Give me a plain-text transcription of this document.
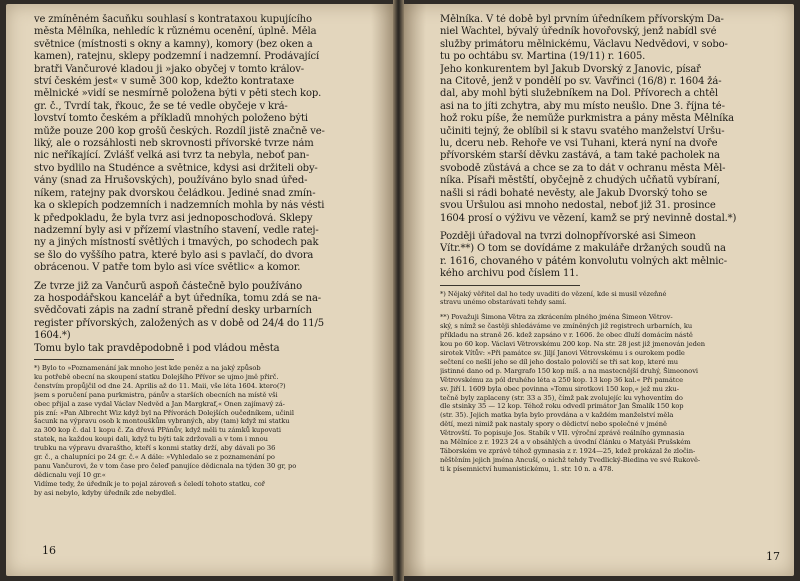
ve zmíněném šacuňku souhlasí s kontrataxou kupujícího
města Mělníka, nehledíc k různému ocenění, úplně. Měla
světnice (místnosti s okny a kamny), komory (bez oken a
kamen), ratejnu, sklepy podzemní i nadzemní. Prodávající
bratři Vančurové kladou ji »jako obyčej v tomto králov-
ství českém jest« v sumě 300 kop, kdežto kontrataxe
mělnické »vidí se nesmírně položena býti v pěti stech kop.
gr. č., Tvrdí tak, řkouc, že se té vedle obyčeje v krá-
lovství tomto českém a příkladů mnohých položeno býti
může pouze 200 kop grošů českých. Rozdíl jistě značně ve-
liký, ale o rozsáhlosti neb skrovnosti přívorské tvrze nám
nic neříkající. Zvlášť velká asi tvrz ta nebyla, neboť pan-
stvo bydlilo na Studénce a světnice, kdysi asi držiteli oby-
vány (snad za Hrušovských), používáno bylo snad úřed-
níkem, ratejny pak dvorskou čeládkou. Jediné snad zmín-
ka o sklepích podzemních i nadzemních mohla by nás vésti
k předpokladu, že byla tvrz asi jednoposchoďová. Sklepy
nadzemní byly asi v přízemí vlastního stavení, vedle ratej-
ny a jiných místností světlých i tmavých, po schodech pak
se šlo do vyššího patra, které bylo asi s pavlačí, do dvora
obrácenou. V patře tom bylo asi více světlic« a komor.
Že tvrze již za Vančurů aspoň částečně bylo používáno
za hospodářskou kancelář a byt úředníka, tomu zdá se na-
svědčovati zápis na zadní straně přední desky urbarních
register přívorských, založených as v době od 24/4 do 11/5
1604.*)
Tomu bylo tak pravděpodobně i pod vládou města
*) Bylo to »Poznamenání jak mnoho jest kde peněz a na jaký způsob
ku potřebě obecní na skoupení statku Dolejšího Přívor se ujmo jmě přirč.
čenstvím propůjčil od dne 24. Aprilis až do 11. Maii, vše léta 1604. ktero(?)
jsem s poručení pana purkmistra, pánův a starších obecních na místě vši
obec přijal a zase vydal Václav Nedvěd a Jan Margkraf,« Onen zajímavý zá-
pis zní: »Pan Albrecht Wiz když byl na Přívorách Dolejších oučedníkem, učinil
šacunk na výpravu osob k montouškům vybraných, aby (tam) když mi statku
za 300 kop č. dal 1 kopu č. Za dřevá PPánův, když měli tu zámků kupovati
statek, na každou koupi dali, když tu býti tak zdržovali a v tom i mnou
trubku na výpravu dvaraštho, kteří s konmi statky drží, aby dávali po 36
gr. č., a chalupníci po 24 gr. č.« A dále: »Vyhledalo se z poznamenání po
panu Vančurovi, že v tom čase pro čeleď panujíce dědicnala na týden 30 gr, po
dědicnalu vejí 10 gr.«
Vidíme tedy, že úředník je to pojal zároveň s čeledí tohoto statku, coř
by asi nebylo, kdyby úředník zde nebydlel.
16
Mělníka. V té době byl prvním úředníkem přívorským Da-
niel Wachtel, bývalý úředník hovořovský, jenž nabídl své
služby primátoru mělnickému, Václavu Nedvědovi, v sobo-
tu po ochtábu sv. Martina (19/11) r. 1605.
Jeho konkurentem byl Jakub Dvorský z Janovic, písař
na Citově, jenž v pondělí po sv. Vavřinci (16/8) r. 1604 žá-
dal, aby mohl býti služebníkem na Dol. Přívorech a chtěl
asi na to jíti zchytra, aby mu místo neušlo. Dne 3. října té-
hož roku píše, že nemůže purkmistra a pány města Mělníka
učiniti tejný, že oblíbil si k stavu svatého manželství Uršu-
lu, dceru neb. Řehoře ve vsi Tuhani, která nyní na dvoře
přívorském starší děvku zastává, a tam také pacholek na
svobodě zůstává a chce se za to dát v ochranu města Měl-
níka. Písaři městští, obyčejně z chudých učňatů vybíraní,
našli si rádi bohaté nevěsty, ale Jakub Dvorský toho se
svou Uršulou asi mnoho nedostal, neboť již 31. prosince
1604 prosí o výživu ve vězení, kamž se prý nevinně dostal.*)
Později úřadoval na tvrzi dolnopřívorské asi Šimeon
Vítr.**) O tom se dovídáme z makuláře držaných soudů na
r. 1616, chovaného v pátém konvolutu volných akt mělnic-
kého archivu pod číslem 11.
*) Nějaký věřitel dal ho tedy uvaditi do vězení, kde si musil vězeňné
stravu unémo obstarávati tehdy samí.
**) Považuji Šimona Větra za zkrácením plného jména Šimeon Větrov-
ský, s nímž se častěji shledáváme ve zmíněných již registrech urbarních, ku
příkladu na straně 26. kdež zapsáno v r. 1606. že obec dluží domácím nástě
kou po 60 kop. Václavi Větrovskému 200 kop. Na str. 28 jest již jmenován jeden
sirotek Vítův: »Při památce sv. Jiljí Janovi Větrovskému i s ourokem podle
sečtení co nešlí jeho se díl jeho dostalo polovičí se tři sat kop, které mu
jistinné dano od p. Margrafo 150 kop míš. a na mastecnější druhý, Šimeonovi
Větrovskému za pól druhého léta a 250 kop. 13 kop 36 kal.« Při památce
sv. Jiří l. 1609 byla obec povinna »Tomu sirotkovi 150 kop,« jež mu zku-
tečně byly zaplaceny (str. 33 a 35), čímž pak zvolujejíc ku vyhoventím do
dle stsinky 35 — 12 kop. Téhož roku odvedl primátor Jan Šmalík 150 kop
(str. 35). Jejich matka byla bylo provdána a v každém manželství měla
dětí, mezi nimiž pak nastaly spory o dědictví nebo společné v jméně
Větrovští. To popisuje Jos. Stabík v VII. výroční zprávě reálního gymnasia
na Mělníce z r. 1923 24 a v obsáhlých a úvodní článku o Matyáši Prušském
Táborském ve zprávě téhož gymnasia z r. 1924—25, kdež prokázal že zločin-
něštěním jejich jména Ancuší, o nichž tehdy Tvedlický-Biedina ve své Rukově-
ti k písemnictví humanistickému, 1. str. 10 n. a 478.
17
